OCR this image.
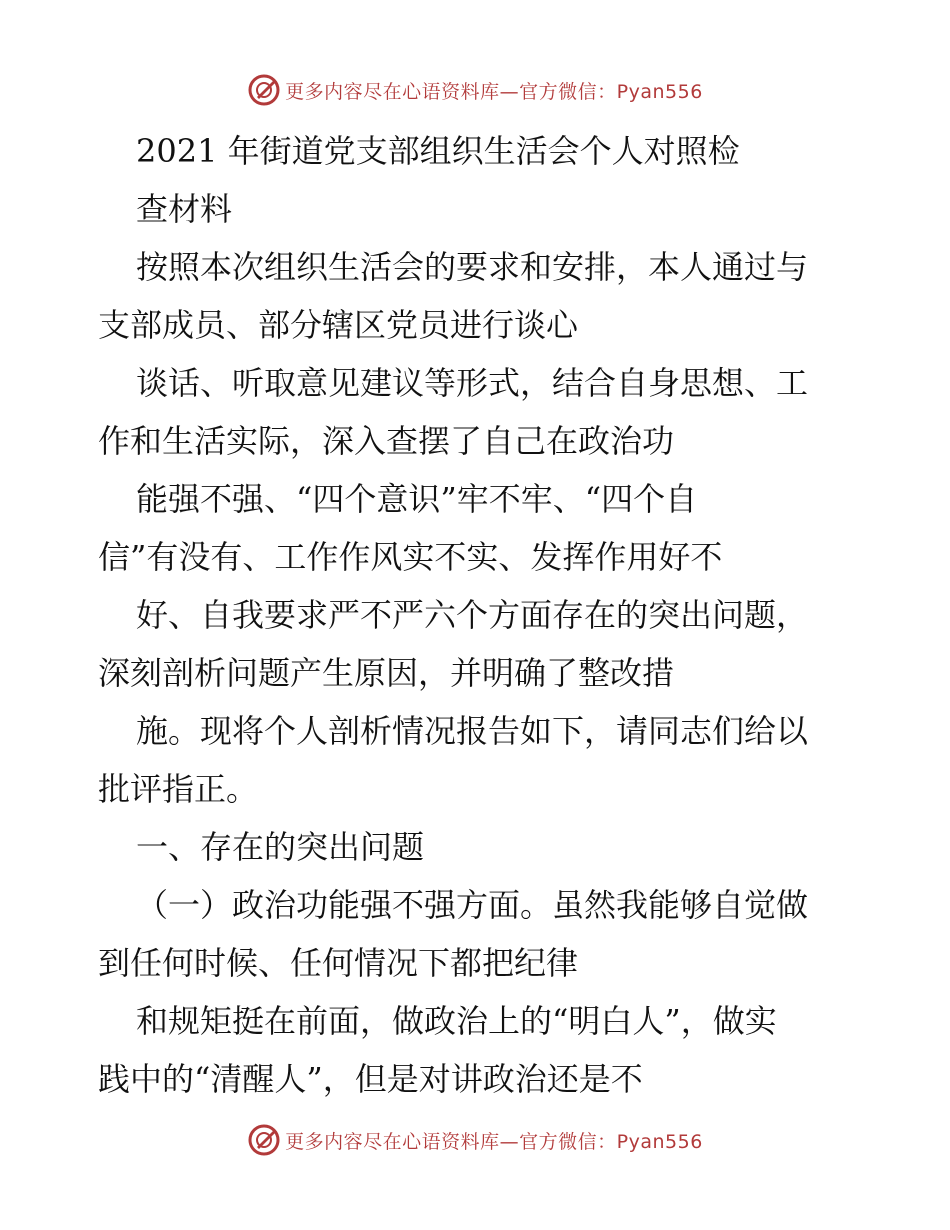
更多内容尽在心语资料库—官方微信：Pyan556
2021 年街道党支部组织生活会个人对照检
查材料
按照本次组织生活会的要求和安排，本人通过与
支部成员、部分辖区党员进行谈心
谈话、听取意见建议等形式，结合自身思想、工
作和生活实际，深入查摆了自己在政治功
能强不强、“四个意识”牢不牢、“四个自
信”有没有、工作作风实不实、发挥作用好不
好、自我要求严不严六个方面存在的突出问题，
深刻剖析问题产生原因，并明确了整改措
施。现将个人剖析情况报告如下，请同志们给以
批评指正。
一、存在的突出问题
（一）政治功能强不强方面。虽然我能够自觉做
到任何时候、任何情况下都把纪律
和规矩挺在前面，做政治上的“明白人”，做实
践中的“清醒人”，但是对讲政治还是不
更多内容尽在心语资料库—官方微信：Pyan556
